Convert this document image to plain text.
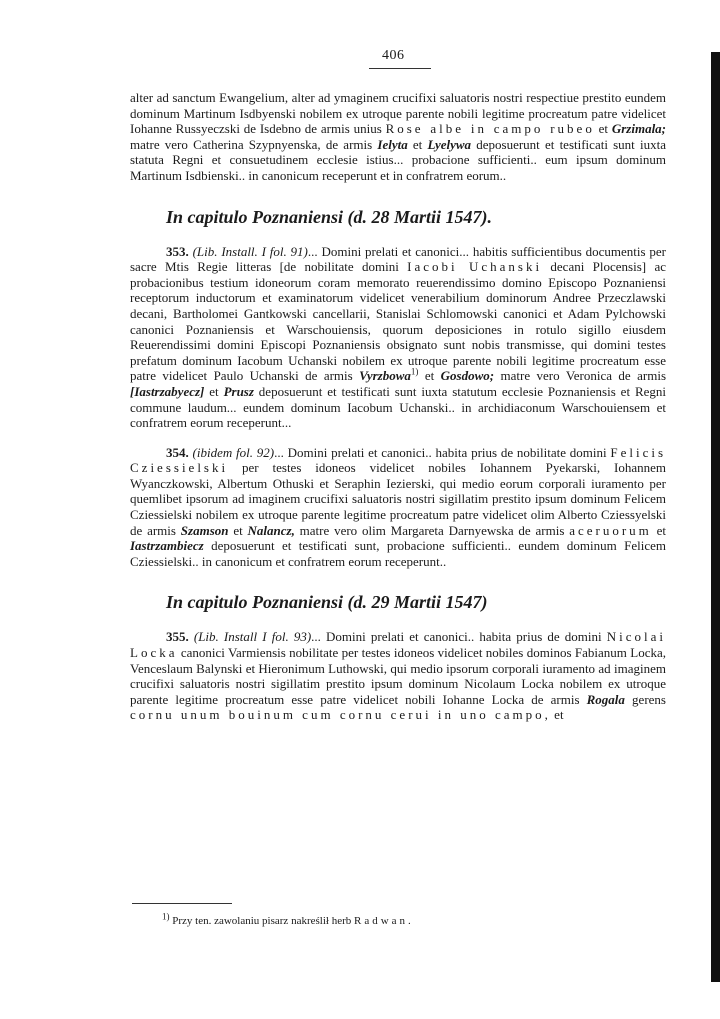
406

alter ad sanctum Ewangelium, alter ad ymaginem crucifixi saluatoris nostri respectiue prestito eundem dominum Martinum Isdbyenski nobilem ex utroque parente nobili legitime procreatum patre videlicet Iohanne Russyeczski de Isdebno de armis unius Rose albe in campo rubeo et Grzimala; matre vero Catherina Szypnyenska, de armis Ielyta et Lyelywa deposuerunt et testificati sunt iuxta statuta Regni et consuetudinem ecclesie istius... probacione sufficienti.. eum ipsum dominum Martinum Isdbienski.. in canonicum receperunt et in confratrem eorum..

In capitulo Poznaniensi (d. 28 Martii 1547).

353. (Lib. Install. I fol. 91)... Domini prelati et canonici... habitis sufficientibus documentis per sacre Mtis Regie litteras [de nobilitate domini Iacobi Uchanski decani Plocensis] ac probacionibus testium idoneorum coram memorato reuerendissimo domino Episcopo Poznaniensi receptorum inductorum et examinatorum videlicet venerabilium dominorum Andree Przeczlawski decani, Bartholomei Gantkowski cancellarii, Stanislai Schlomowski canonici et Adam Pylchowski canonici Poznaniensis et Warschouiensis, quorum deposiciones in rotulo sigillo eiusdem Reuerendissimi domini Episcopi Poznaniensis obsignato sunt nobis transmisse, qui domini testes prefatum dominum Iacobum Uchanski nobilem ex utroque parente nobili legitime procreatum esse patre videlicet Paulo Uchanski de armis Vyrzbowa$^{1)}$ et Gosdowo; matre vero Veronica de armis [Iastrzabyecz] et Prusz deposuerunt et testificati sunt iuxta statutum ecclesie Poznaniensis et Regni commune laudum... eundem dominum Iacobum Uchanski.. in archidiaconum Warschouiensem et confratrem eorum receperunt...

354. (ibidem fol. 92)... Domini prelati et canonici.. habita prius de nobilitate domini Felicis Cziessielski per testes idoneos videlicet nobiles Iohannem Pyekarski, Iohannem Wyanczkowski, Albertum Othuski et Seraphin Iezierski, qui medio eorum corporali iuramento per quemlibet ipsorum ad imaginem crucifixi saluatoris nostri sigillatim prestito ipsum dominum Felicem Cziessielski nobilem ex utroque parente legitime procreatum patre videlicet olim Alberto Cziessyelski de armis Szamson et Nalancz, matre vero olim Margareta Darnyewska de armis aceruorum et Iastrzambiecz deposuerunt et testificati sunt, probacione sufficienti.. eundem dominum Felicem Cziessielski.. in canonicum et confratrem eorum receperunt..

In capitulo Poznaniensi (d. 29 Martii 1547)

355. (Lib. Install I fol. 93)... Domini prelati et canonici.. habita prius de domini Nicolai Locka canonici Varmiensis nobilitate per testes idoneos videlicet nobiles dominos Fabianum Locka, Venceslaum Balynski et Hieronimum Luthowski, qui medio ipsorum corporali iuramento ad imaginem crucifixi saluatoris nostri sigillatim prestito ipsum dominum Nicolaum Locka nobilem ex utroque parente legitime procreatum esse patre videlicet nobili Iohanne Locka de armis Rogala gerens cornu unum bouinum cum cornu cerui in uno campo, et

$^{1)}$ Przy ten. zawolaniu pisarz nakreślił herb Radwan.
